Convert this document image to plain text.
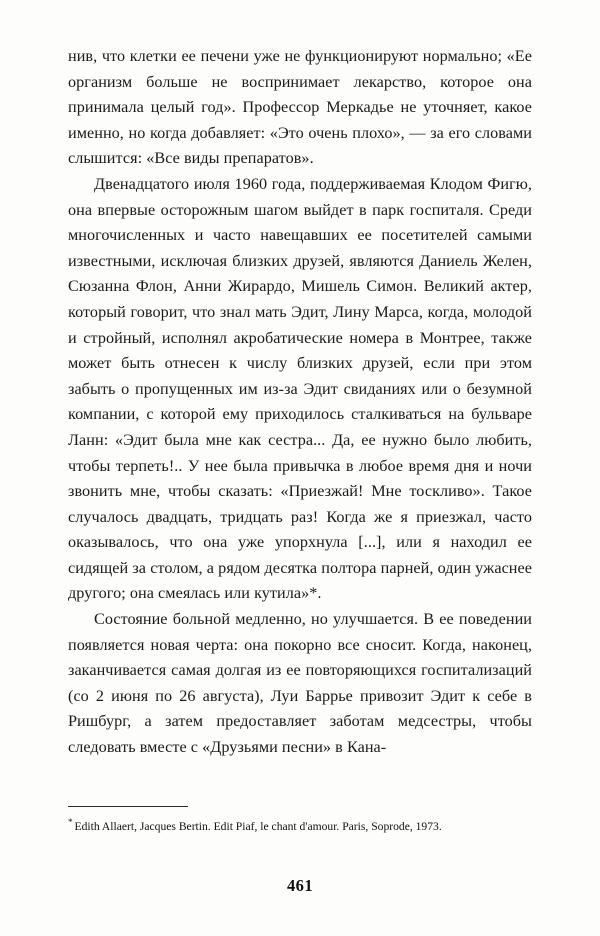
нив, что клетки ее печени уже не функционируют нормально; «Ее организм больше не воспринимает лекарство, которое она принимала целый год». Профессор Меркадье не уточняет, какое именно, но когда добавляет: «Это очень плохо», — за его словами слышится: «Все виды препаратов».

Двенадцатого июля 1960 года, поддерживаемая Клодом Фигю, она впервые осторожным шагом выйдет в парк госпиталя. Среди многочисленных и часто навещавших ее посетителей самыми известными, исключая близких друзей, являются Даниель Желен, Сюзанна Флон, Анни Жирардо, Мишель Симон. Великий актер, который говорит, что знал мать Эдит, Лину Марса, когда, молодой и стройный, исполнял акробатические номера в Монтрее, также может быть отнесен к числу близких друзей, если при этом забыть о пропущенных им из-за Эдит свиданиях или о безумной компании, с которой ему приходилось сталкиваться на бульваре Ланн: «Эдит была мне как сестра... Да, ее нужно было любить, чтобы терпеть!.. У нее была привычка в любое время дня и ночи звонить мне, чтобы сказать: «Приезжай! Мне тоскливо». Такое случалось двадцать, тридцать раз! Когда же я приезжал, часто оказывалось, что она уже упорхнула [...], или я находил ее сидящей за столом, а рядом десятка полтора парней, один ужаснее другого; она смеялась или кутила»*.

Состояние больной медленно, но улучшается. В ее поведении появляется новая черта: она покорно все сносит. Когда, наконец, заканчивается самая долгая из ее повторяющихся госпитализаций (со 2 июня по 26 августа), Луи Баррье привозит Эдит к себе в Ришбург, а затем предоставляет заботам медсестры, чтобы следовать вместе с «Друзьями песни» в Кана-

* Edith Allaert, Jacques Bertin. Edit Piaf, le chant d'amour. Paris, Soprode, 1973.
461
